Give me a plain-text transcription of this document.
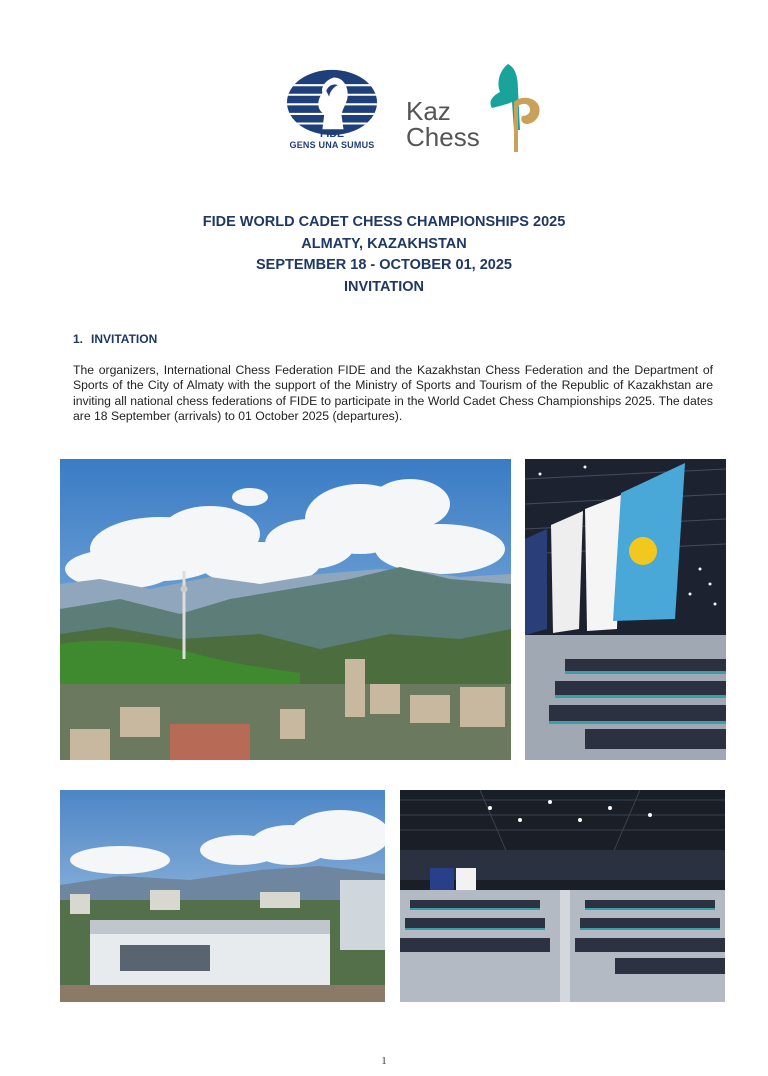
FIDE
GENS UNA SUMUS
Kaz
Chess
FIDE WORLD CADET CHESS CHAMPIONSHIPS 2025
ALMATY, KAZAKHSTAN
SEPTEMBER 18 - OCTOBER 01, 2025
INVITATION
1. INVITATION
The organizers, International Chess Federation FIDE and the Kazakhstan Chess Federation and the Department of Sports of the City of Almaty with the support of the Ministry of Sports and Tourism of the Republic of Kazakhstan are inviting all national chess federations of FIDE to participate in the World Cadet Chess Championships 2025. The dates are 18 September (arrivals) to 01 October 2025 (departures).
1
